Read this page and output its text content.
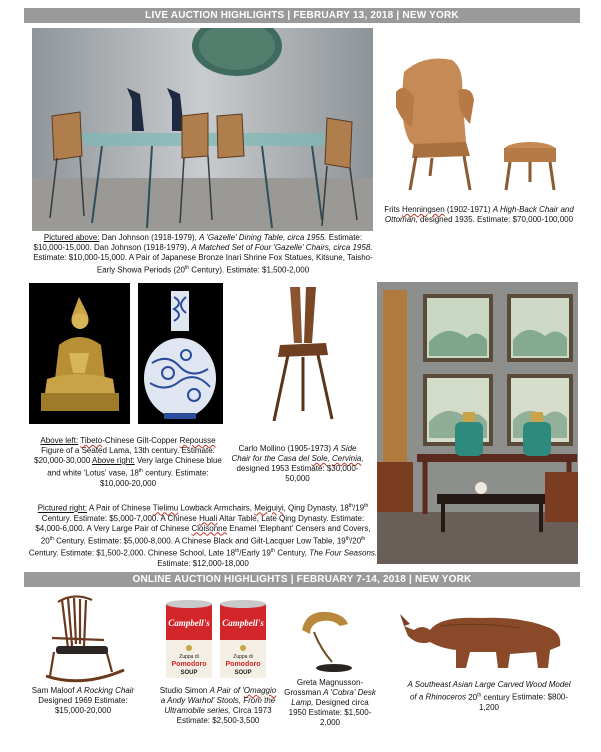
LIVE AUCTION HIGHLIGHTS | FEBRUARY 13, 2018 | NEW YORK
Pictured above: Dan Johnson (1918-1979), A 'Gazelle' Dining Table, circa 1955. Estimate: $10,000-15,000. Dan Johnson (1918-1979), A Matched Set of Four 'Gazelle' Chairs, circa 1958. Estimate: $10,000-15,000. A Pair of Japanese Bronze Inari Shrine Fox Statues, Kitsune, Taisho-Early Showa Periods (20th Century). Estimate: $1,500-2,000
Frits Henningsen (1902-1971) A High-Back Chair and Ottoman, designed 1935. Estimate: $70,000-100,000
Above left: Tibeto-Chinese Gilt-Copper Repousse Figure of a Seated Lama, 13th century. Estimate: $20,000-30,000 Above right: Very large Chinese blue and white 'Lotus' vase, 18th century. Estimate: $10,000-20,000
Carlo Mollino (1905-1973) A Side Chair for the Casa del Sole, Cervinia, designed 1953 Estimate: $30,000-50,000
Pictured right: A Pair of Chinese Tielimu Lowback Armchairs, Meiguiyi, Qing Dynasty, 18th/19th Century. Estimate: $5,000-7,000. A Chinese Huali Altar Table, Late Qing Dynasty. Estimate: $4,000-6,000. A Very Large Pair of Chinese Cloisonne Enamel 'Elephant' Censers and Covers, 20th Century. Estimate: $5,000-8,000. A Chinese Black and Gilt-Lacquer Low Table, 19th/20th Century. Estimate: $1,500-2,000. Chinese School, Late 18th/Early 19th Century, The Four Seasons. Estimate: $12,000-18,000
ONLINE AUCTION HIGHLIGHTS | FEBRUARY 7-14, 2018 | NEW YORK
Sam Maloof A Rocking Chair Designed 1969 Estimate: $15,000-20,000
Campbell's
Zuppa di
Pomodoro
SOUP
Campbell's
Zuppa di
Pomodoro
SOUP
Studio Simon A Pair of 'Omaggio a Andy Warhol' Stools, From the Ultramobile series, Circa 1973 Estimate: $2,500-3,500
Greta Magnusson-Grossman A 'Cobra' Desk Lamp, Designed circa 1950 Estimate: $1,500-2,000
A Southeast Asian Large Carved Wood Model of a Rhinoceros 20th century Estimate: $800-1,200
